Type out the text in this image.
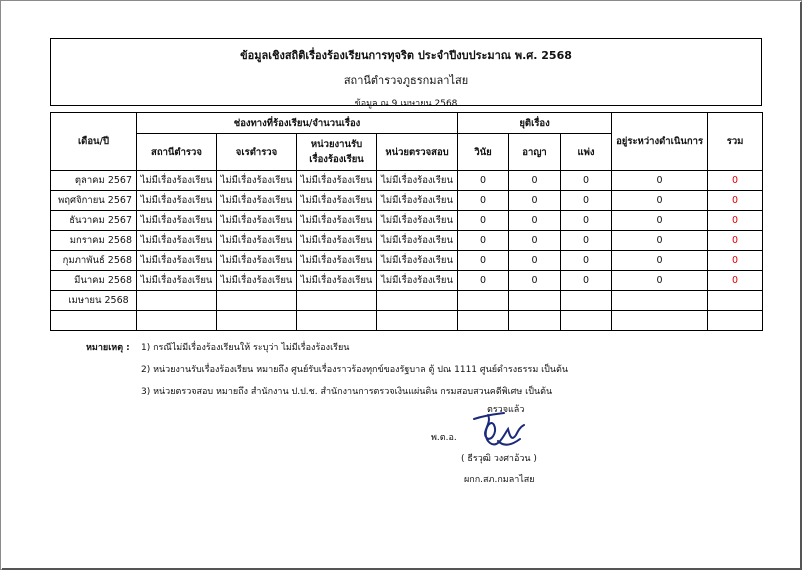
ข้อมูลเชิงสถิติเรื่องร้องเรียนการทุจริต ประจำปีงบประมาณ พ.ศ. 2568
สถานีตำรวจภูธรกมลาไสย
ข้อมูล ณ 9 เมษายน 2568
เดือน/ปี	ช่องทางที่ร้องเรียน/จำนวนเรื่อง				ยุติเรื่อง			อยู่ระหว่างดำเนินการ	รวม
	สถานีตำรวจ	จเรตำรวจ	หน่วยงานรับ
เรื่องร้องเรียน	หน่วยตรวจสอบ	วินัย	อาญา	แพ่ง		
ตุลาคม 2567	ไม่มีเรื่องร้องเรียน	ไม่มีเรื่องร้องเรียน	ไม่มีเรื่องร้องเรียน	ไม่มีเรื่องร้องเรียน	0	0	0	0	0
พฤศจิกายน 2567	ไม่มีเรื่องร้องเรียน	ไม่มีเรื่องร้องเรียน	ไม่มีเรื่องร้องเรียน	ไม่มีเรื่องร้องเรียน	0	0	0	0	0
ธันวาคม 2567	ไม่มีเรื่องร้องเรียน	ไม่มีเรื่องร้องเรียน	ไม่มีเรื่องร้องเรียน	ไม่มีเรื่องร้องเรียน	0	0	0	0	0
มกราคม 2568	ไม่มีเรื่องร้องเรียน	ไม่มีเรื่องร้องเรียน	ไม่มีเรื่องร้องเรียน	ไม่มีเรื่องร้องเรียน	0	0	0	0	0
กุมภาพันธ์ 2568	ไม่มีเรื่องร้องเรียน	ไม่มีเรื่องร้องเรียน	ไม่มีเรื่องร้องเรียน	ไม่มีเรื่องร้องเรียน	0	0	0	0	0
มีนาคม 2568	ไม่มีเรื่องร้องเรียน	ไม่มีเรื่องร้องเรียน	ไม่มีเรื่องร้องเรียน	ไม่มีเรื่องร้องเรียน	0	0	0	0	0
เมษายน 2568									

หมายเหตุ : 1) กรณีไม่มีเรื่องร้องเรียนให้ ระบุว่า ไม่มีเรื่องร้องเรียน
2) หน่วยงานรับเรื่องร้องเรียน หมายถึง ศูนย์รับเรื่องราวร้องทุกข์ของรัฐบาล ตู้ ปณ 1111 ศูนย์ดำรงธรรม เป็นต้น
3) หน่วยตรวจสอบ หมายถึง สำนักงาน ป.ป.ช. สำนักงานการตรวจเงินแผ่นดิน กรมสอบสวนคดีพิเศษ เป็นต้น
ตรวจแล้ว
พ.ต.อ.
( ธีรวุฒิ วงศาอ้วน )
ผกก.สภ.กมลาไสย
